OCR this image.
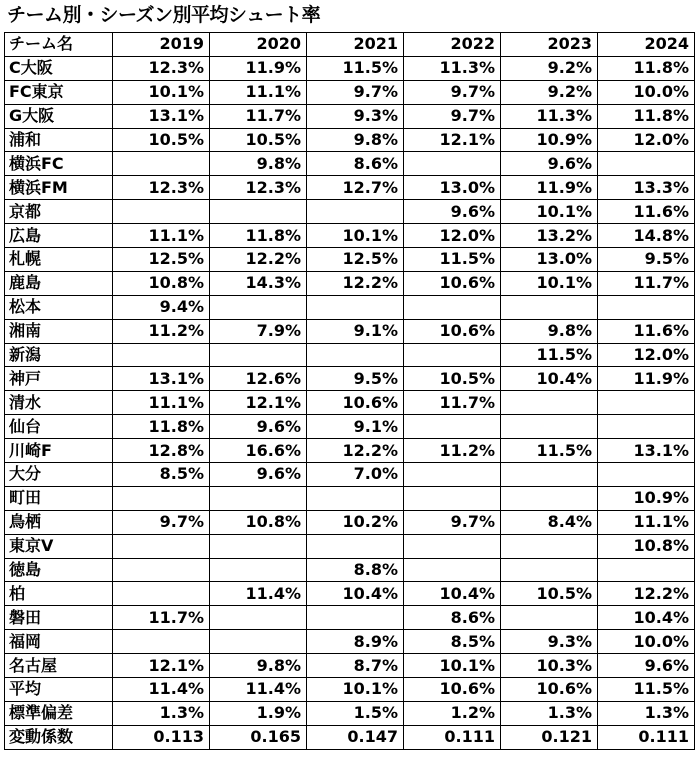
チーム別・シーズン別平均シュート率
チーム名	2019	2020	2021	2022	2023	2024
C大阪	12.3%	11.9%	11.5%	11.3%	9.2%	11.8%
FC東京	10.1%	11.1%	9.7%	9.7%	9.2%	10.0%
G大阪	13.1%	11.7%	9.3%	9.7%	11.3%	11.8%
浦和	10.5%	10.5%	9.8%	12.1%	10.9%	12.0%
横浜FC		9.8%	8.6%		9.6%	
横浜FM	12.3%	12.3%	12.7%	13.0%	11.9%	13.3%
京都				9.6%	10.1%	11.6%
広島	11.1%	11.8%	10.1%	12.0%	13.2%	14.8%
札幌	12.5%	12.2%	12.5%	11.5%	13.0%	9.5%
鹿島	10.8%	14.3%	12.2%	10.6%	10.1%	11.7%
松本	9.4%					
湘南	11.2%	7.9%	9.1%	10.6%	9.8%	11.6%
新潟					11.5%	12.0%
神戸	13.1%	12.6%	9.5%	10.5%	10.4%	11.9%
清水	11.1%	12.1%	10.6%	11.7%		
仙台	11.8%	9.6%	9.1%			
川崎F	12.8%	16.6%	12.2%	11.2%	11.5%	13.1%
大分	8.5%	9.6%	7.0%			
町田						10.9%
鳥栖	9.7%	10.8%	10.2%	9.7%	8.4%	11.1%
東京V						10.8%
徳島			8.8%			
柏		11.4%	10.4%	10.4%	10.5%	12.2%
磐田	11.7%			8.6%		10.4%
福岡			8.9%	8.5%	9.3%	10.0%
名古屋	12.1%	9.8%	8.7%	10.1%	10.3%	9.6%
平均	11.4%	11.4%	10.1%	10.6%	10.6%	11.5%
標準偏差	1.3%	1.9%	1.5%	1.2%	1.3%	1.3%
変動係数	0.113	0.165	0.147	0.111	0.121	0.111
